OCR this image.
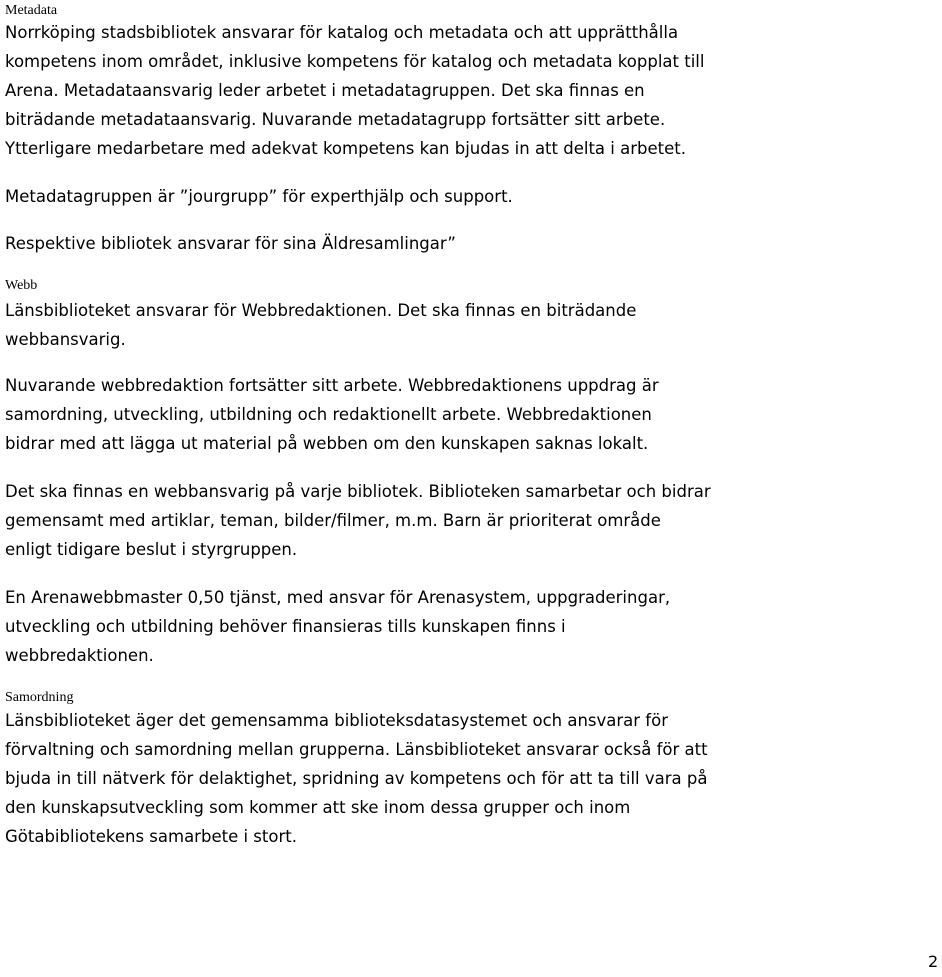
Metadata

Norrköping stadsbibliotek ansvarar för katalog och metadata och att upprätthålla
kompetens inom området, inklusive kompetens för katalog och metadata kopplat till
Arena. Metadataansvarig leder arbetet i metadatagruppen. Det ska finnas en
biträdande metadataansvarig. Nuvarande metadatagrupp fortsätter sitt arbete.
Ytterligare medarbetare med adekvat kompetens kan bjudas in att delta i arbetet.

Metadatagruppen är ”jourgrupp” för experthjälp och support.

Respektive bibliotek ansvarar för sina Äldresamlingar”

Webb

Länsbiblioteket ansvarar för Webbredaktionen. Det ska finnas en biträdande
webbansvarig.

Nuvarande webbredaktion fortsätter sitt arbete. Webbredaktionens uppdrag är
samordning, utveckling, utbildning och redaktionellt arbete. Webbredaktionen
bidrar med att lägga ut material på webben om den kunskapen saknas lokalt.

Det ska finnas en webbansvarig på varje bibliotek. Biblioteken samarbetar och bidrar
gemensamt med artiklar, teman, bilder/filmer, m.m. Barn är prioriterat område
enligt tidigare beslut i styrgruppen.

En Arenawebbmaster 0,50 tjänst, med ansvar för Arenasystem, uppgraderingar,
utveckling och utbildning behöver finansieras tills kunskapen finns i
webbredaktionen.

Samordning

Länsbiblioteket äger det gemensamma biblioteksdatasystemet och ansvarar för
förvaltning och samordning mellan grupperna. Länsbiblioteket ansvarar också för att
bjuda in till nätverk för delaktighet, spridning av kompetens och för att ta till vara på
den kunskapsutveckling som kommer att ske inom dessa grupper och inom
Götabibliotekens samarbete i stort.

2
